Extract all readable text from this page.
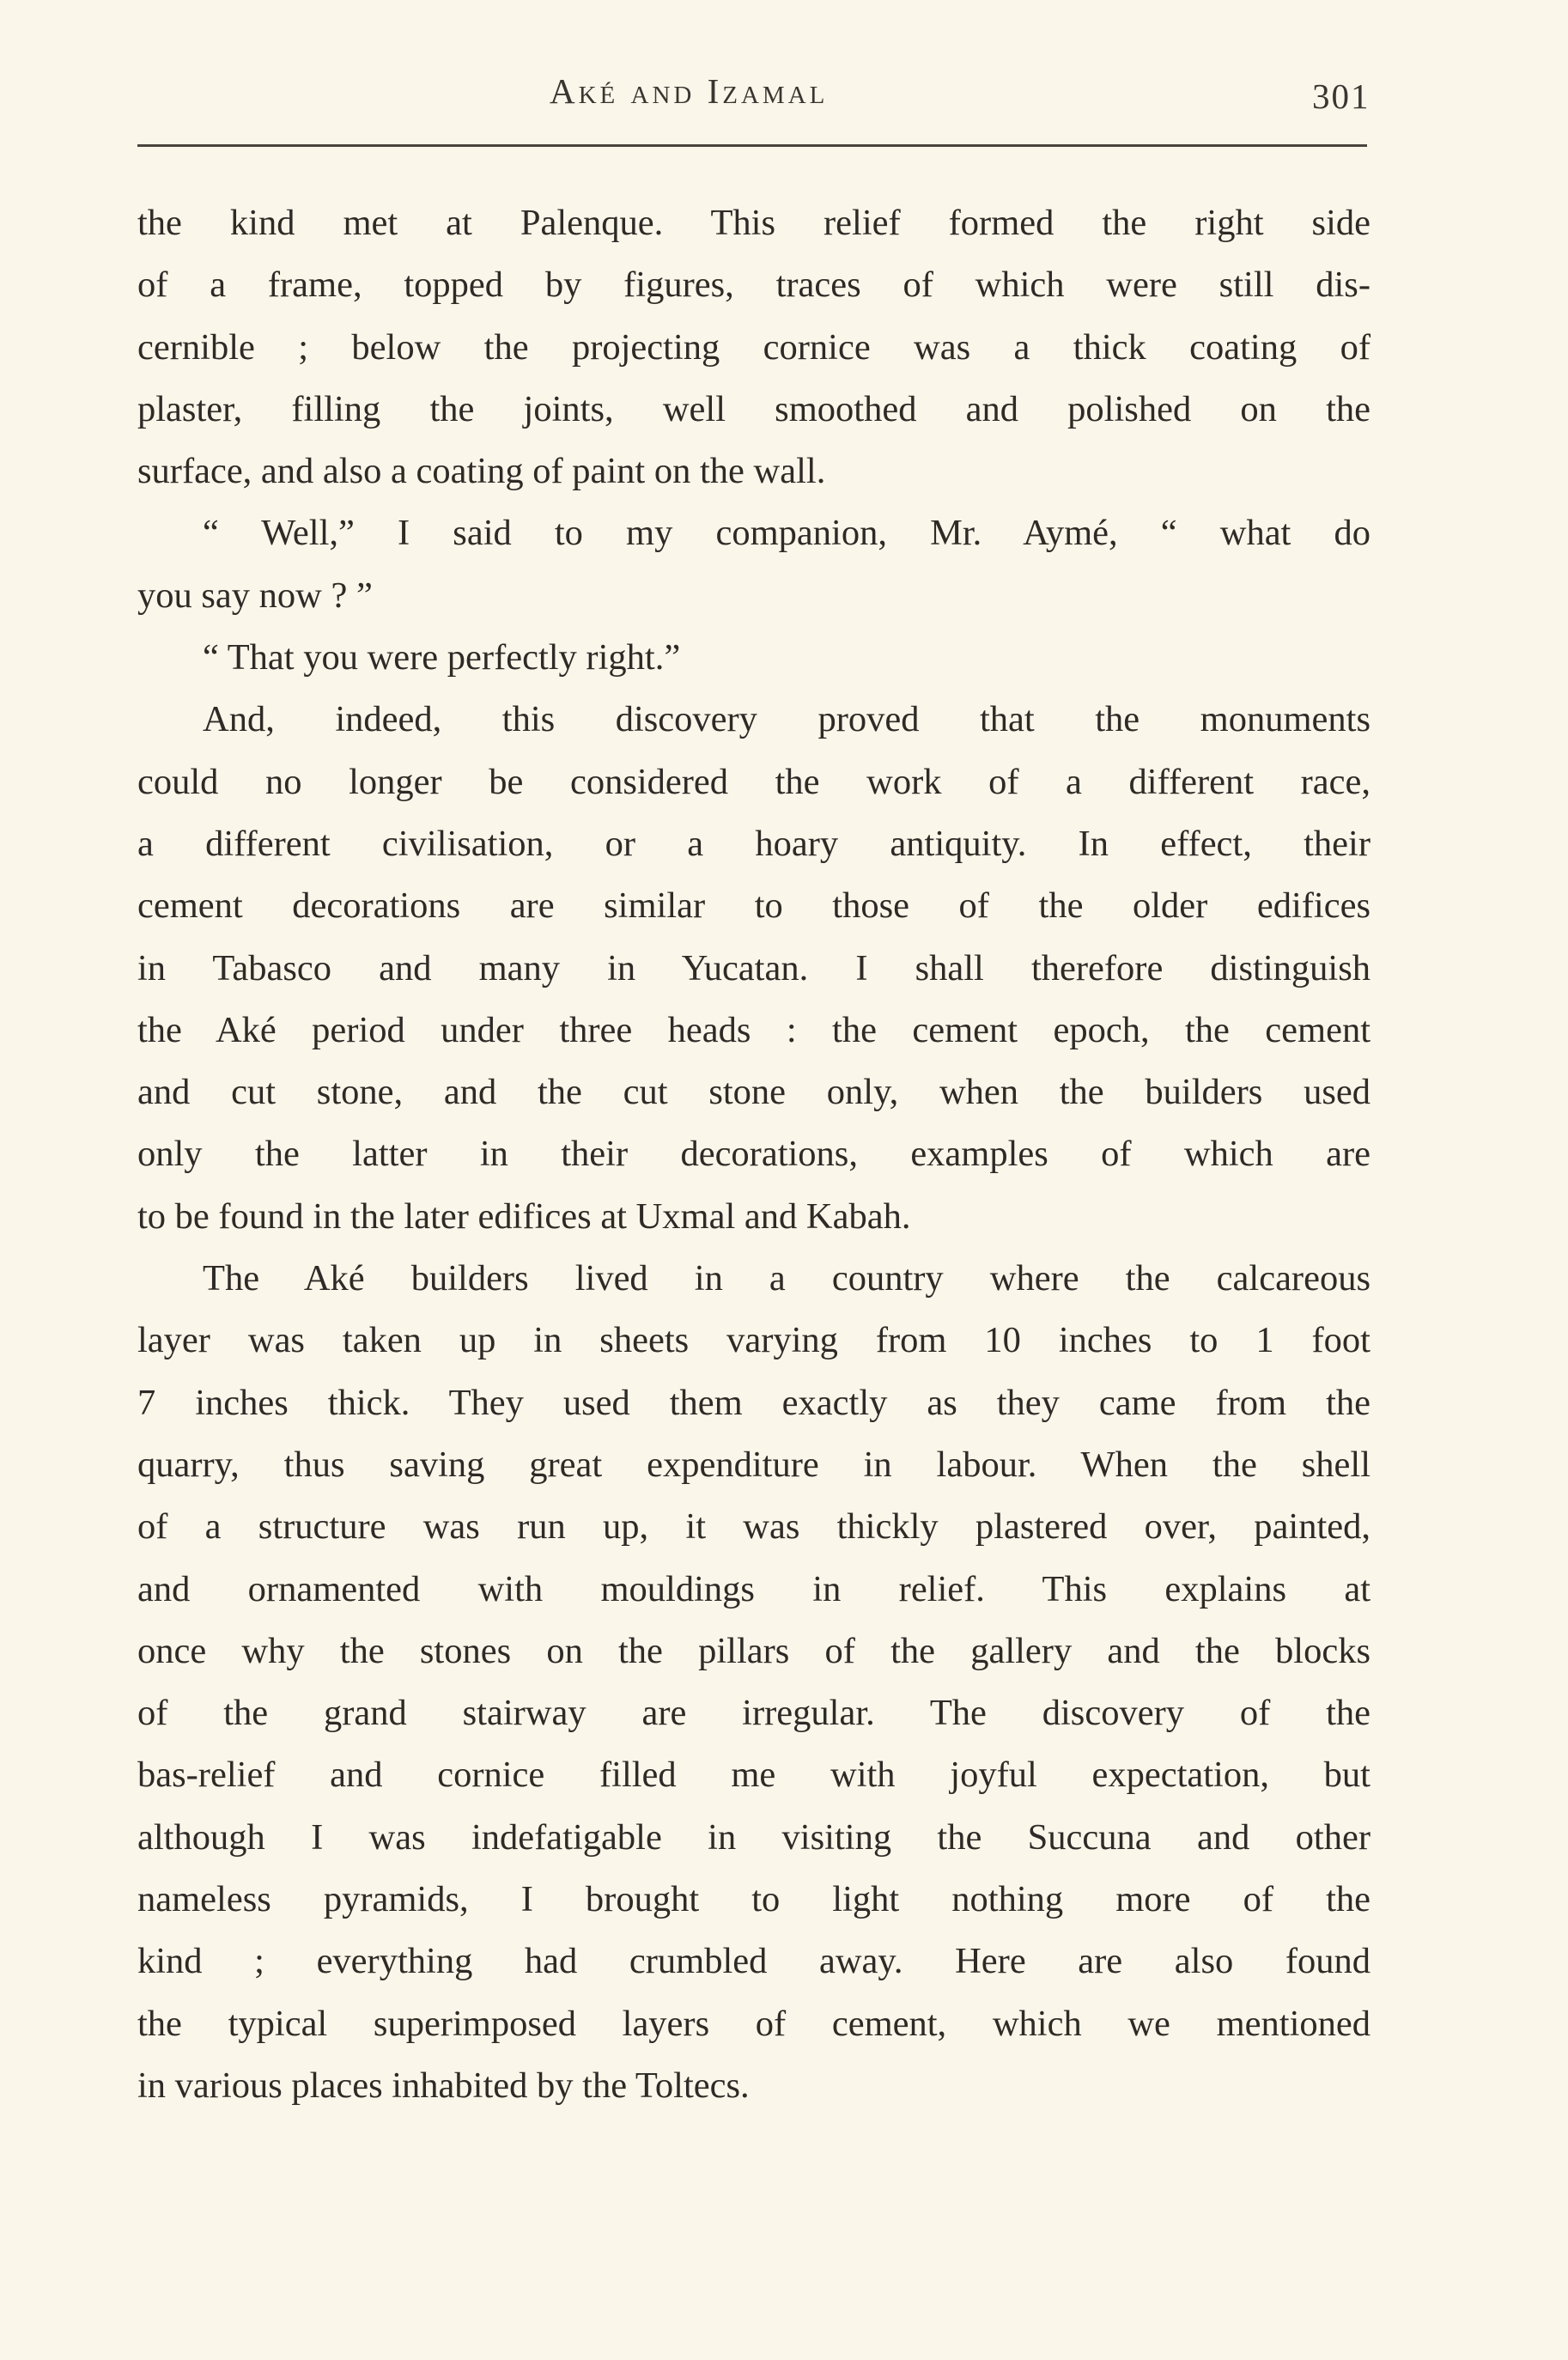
Aké and Izamal	301
the kind met at Palenque. This relief formed the right side
of a frame, topped by figures, traces of which were still dis-
cernible ; below the projecting cornice was a thick coating of
plaster, filling the joints, well smoothed and polished on the
surface, and also a coating of paint on the wall.
“ Well,” I said to my companion, Mr. Aymé, “ what do
you say now ? ”
“ That you were perfectly right.”
And, indeed, this discovery proved that the monuments
could no longer be considered the work of a different race,
a different civilisation, or a hoary antiquity. In effect, their
cement decorations are similar to those of the older edifices
in Tabasco and many in Yucatan. I shall therefore distinguish
the Aké period under three heads : the cement epoch, the cement
and cut stone, and the cut stone only, when the builders used
only the latter in their decorations, examples of which are
to be found in the later edifices at Uxmal and Kabah.
The Aké builders lived in a country where the calcareous
layer was taken up in sheets varying from 10 inches to 1 foot
7 inches thick. They used them exactly as they came from the
quarry, thus saving great expenditure in labour. When the shell
of a structure was run up, it was thickly plastered over, painted,
and ornamented with mouldings in relief. This explains at
once why the stones on the pillars of the gallery and the blocks
of the grand stairway are irregular. The discovery of the
bas-relief and cornice filled me with joyful expectation, but
although I was indefatigable in visiting the Succuna and other
nameless pyramids, I brought to light nothing more of the
kind ; everything had crumbled away. Here are also found
the typical superimposed layers of cement, which we mentioned
in various places inhabited by the Toltecs.
